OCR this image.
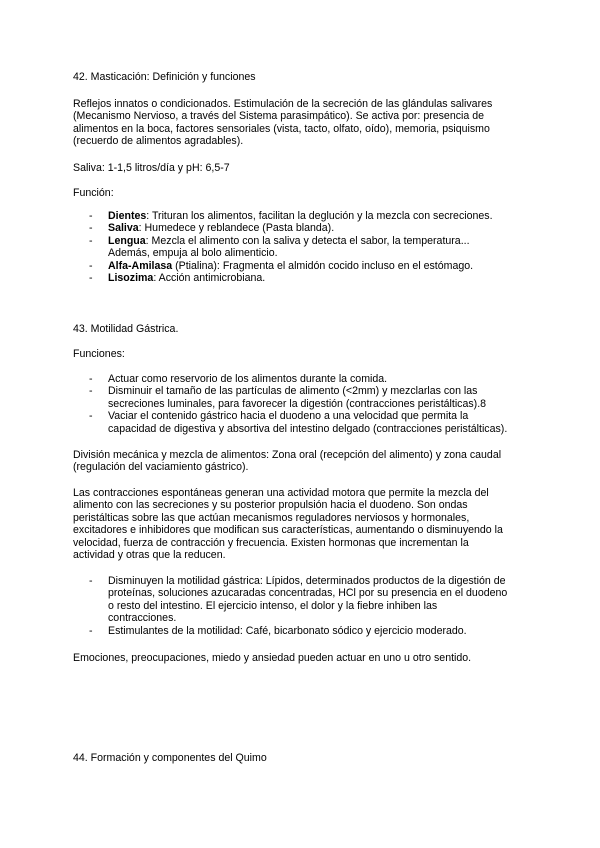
42. Masticación: Definición y funciones

Reflejos innatos o condicionados. Estimulación de la secreción de las glándulas salivares

(Mecanismo Nervioso, a través del Sistema parasimpático). Se activa por: presencia de

alimentos en la boca, factores sensoriales (vista, tacto, olfato, oído), memoria, psiquismo

(recuerdo de alimentos agradables).

Saliva: 1-1,5 litros/día y pH: 6,5-7
Función:
- Dientes: Trituran los alimentos, facilitan la deglución y la mezcla con secreciones.
- Saliva: Humedece y reblandece (Pasta blanda).
- Lengua: Mezcla el alimento con la saliva y detecta el sabor, la temperatura...
Además, empuja al bolo alimenticio.
- Alfa-Amilasa (Ptialina): Fragmenta el almidón cocido incluso en el estómago.
- Lisozima: Acción antimicrobiana.
43. Motilidad Gástrica.
Funciones:
- Actuar como reservorio de los alimentos durante la comida.
- Disminuir el tamaño de las partículas de alimento (<2mm) y mezclarlas con las
secreciones luminales, para favorecer la digestión (contracciones peristálticas).8
- Vaciar el contenido gástrico hacia el duodeno a una velocidad que permita la
capacidad de digestiva y absortiva del intestino delgado (contracciones peristálticas).

División mecánica y mezcla de alimentos: Zona oral (recepción del alimento) y zona caudal

(regulación del vaciamiento gástrico).

Las contracciones espontáneas generan una actividad motora que permite la mezcla del

alimento con las secreciones y su posterior propulsión hacia el duodeno. Son ondas

peristálticas sobre las que actúan mecanismos reguladores nerviosos y hormonales,

excitadores e inhibidores que modifican sus características, aumentando o disminuyendo la

velocidad, fuerza de contracción y frecuencia. Existen hormonas que incrementan la

actividad y otras que la reducen.

- Disminuyen la motilidad gástrica: Lípidos, determinados productos de la digestión de
proteínas, soluciones azucaradas concentradas, HCl por su presencia en el duodeno
o resto del intestino. El ejercicio intenso, el dolor y la fiebre inhiben las
contracciones.
- Estimulantes de la motilidad: Café, bicarbonato sódico y ejercicio moderado.
Emociones, preocupaciones, miedo y ansiedad pueden actuar en uno u otro sentido.
44. Formación y componentes del Quimo
